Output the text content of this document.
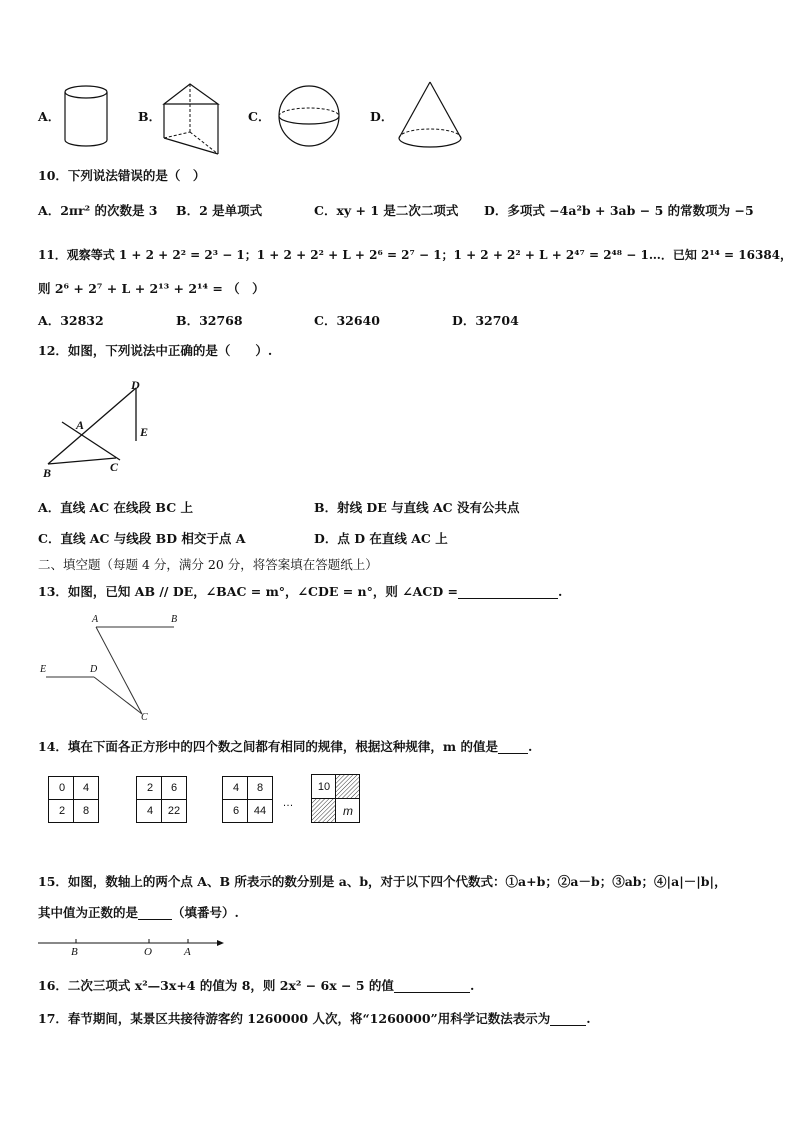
A．	B．	C．	D．
10．下列说法错误的是（　）
A．2πr² 的次数是 3 B．2 是单项式	C．xy + 1 是二次二项式 D．多项式 −4a²b + 3ab − 5 的常数项为 −5
11．观察等式 1 + 2 + 2² = 2³ − 1；1 + 2 + 2² + L + 2⁶ = 2⁷ − 1；1 + 2 + 2² + L + 2⁴⁷ = 2⁴⁸ − 1…．已知 2¹⁴ = 16384，
则 2⁶ + 2⁷ + L + 2¹³ + 2¹⁴ = （　）
A．32832	B．32768	C．32640	D．32704
12．如图，下列说法中正确的是（　　）.
D
A	E
B	C
A．直线 AC 在线段 BC 上	B．射线 DE 与直线 AC 没有公共点
C．直线 AC 与线段 BD 相交于点 A	D．点 D 在直线 AC 上
二、填空题（每题 4 分，满分 20 分，将答案填在答题纸上）
13．如图，已知 AB // DE，∠BAC = m°，∠CDE = n°，则 ∠ACD =	.
A	B
E	D
C
14．填在下面各正方形中的四个数之间都有相同的规律，根据这种规律，m 的值是 .
0	4
2	8
2	6
4	22
4	8
6	44
…
10
m
15．如图，数轴上的两个点 A、B 所表示的数分别是 a、b，对于以下四个代数式：①a+b；②a－b；③ab；④|a|－|b|，
其中值为正数的是	（填番号）.
B	O	A
16．二次三项式 x²—3x+4 的值为 8，则 2x² − 6x − 5 的值	.
17．春节期间，某景区共接待游客约 1260000 人次，将“1260000”用科学记数法表示为	.
